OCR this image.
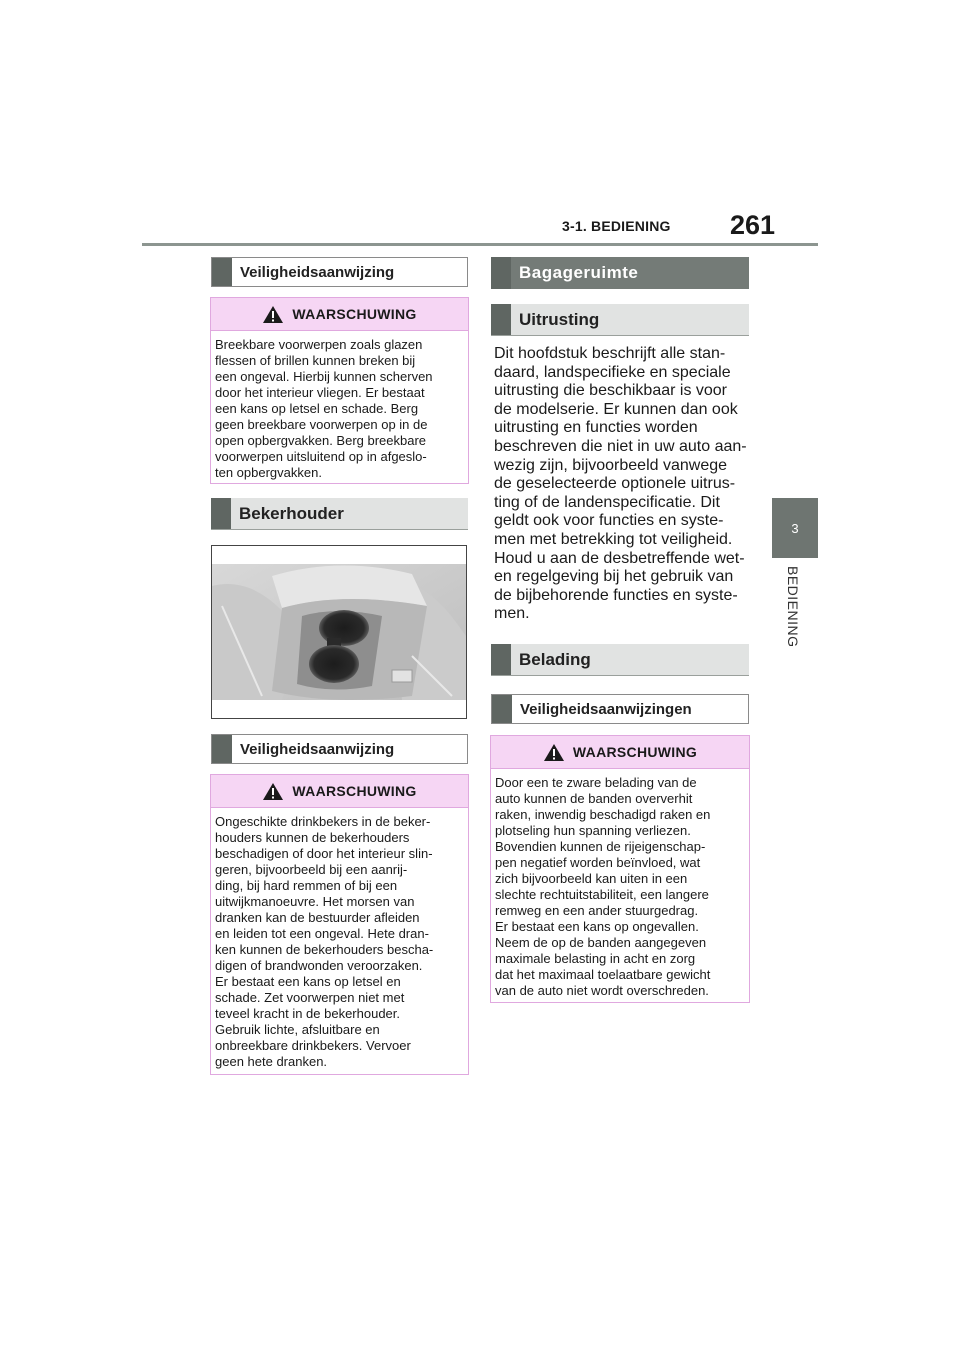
3-1. BEDIENING 261
3
BEDIENING
Veiligheidsaanwijzing
WAARSCHUWING
Breekbare voorwerpen zoals glazen
flessen of brillen kunnen breken bij
een ongeval. Hierbij kunnen scherven
door het interieur vliegen. Er bestaat
een kans op letsel en schade. Berg
geen breekbare voorwerpen op in de
open opbergvakken. Berg breekbare
voorwerpen uitsluitend op in afgeslo-
ten opbergvakken.
Bekerhouder
Veiligheidsaanwijzing
WAARSCHUWING
Ongeschikte drinkbekers in de beker-
houders kunnen de bekerhouders
beschadigen of door het interieur slin-
geren, bijvoorbeeld bij een aanrij-
ding, bij hard remmen of bij een
uitwijkmanoeuvre. Het morsen van
dranken kan de bestuurder afleiden
en leiden tot een ongeval. Hete dran-
ken kunnen de bekerhouders bescha-
digen of brandwonden veroorzaken.
Er bestaat een kans op letsel en
schade. Zet voorwerpen niet met
teveel kracht in de bekerhouder.
Gebruik lichte, afsluitbare en
onbreekbare drinkbekers. Vervoer
geen hete dranken.
Bagageruimte
Uitrusting
Dit hoofdstuk beschrijft alle stan-
daard, landspecifieke en speciale
uitrusting die beschikbaar is voor
de modelserie. Er kunnen dan ook
uitrusting en functies worden
beschreven die niet in uw auto aan-
wezig zijn, bijvoorbeeld vanwege
de geselecteerde optionele uitrus-
ting of de landenspecificatie. Dit
geldt ook voor functies en syste-
men met betrekking tot veiligheid.
Houd u aan de desbetreffende wet-
en regelgeving bij het gebruik van
de bijbehorende functies en syste-
men.
Belading
Veiligheidsaanwijzingen
WAARSCHUWING
Door een te zware belading van de
auto kunnen de banden oververhit
raken, inwendig beschadigd raken en
plotseling hun spanning verliezen.
Bovendien kunnen de rijeigenschap-
pen negatief worden beïnvloed, wat
zich bijvoorbeeld kan uiten in een
slechte rechtuitstabiliteit, een langere
remweg en een ander stuurgedrag.
Er bestaat een kans op ongevallen.
Neem de op de banden aangegeven
maximale belasting in acht en zorg
dat het maximaal toelaatbare gewicht
van de auto niet wordt overschreden.
